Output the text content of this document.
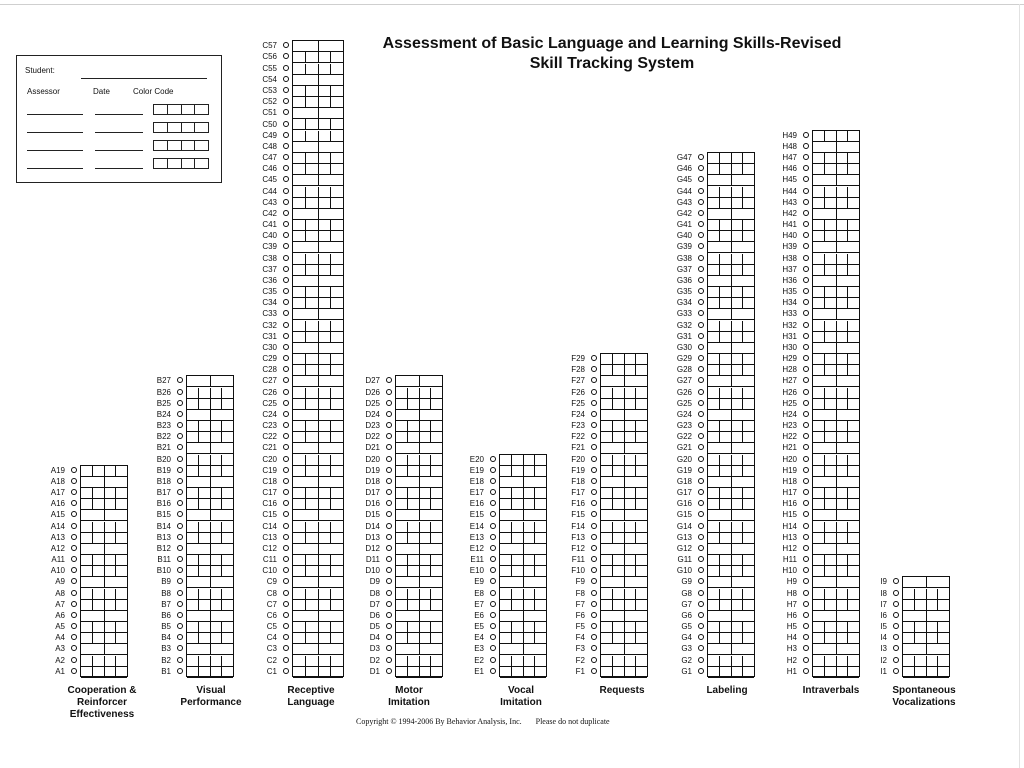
Assessment of Basic Language and Learning Skills-Revised
Skill Tracking System
Student:
Assessor	Date	Color Code
A19
A18
A17
A16
A15
A14
A13
A12
A11
A10
A9
A8
A7
A6
A5
A4
A3
A2
A1
Cooperation &
Reinforcer
Effectiveness
B27
B26
B25
B24
B23
B22
B21
B20
B19
B18
B17
B16
B15
B14
B13
B12
B11
B10
B9
B8
B7
B6
B5
B4
B3
B2
B1
Visual
Performance
C57
C56
C55
C54
C53
C52
C51
C50
C49
C48
C47
C46
C45
C44
C43
C42
C41
C40
C39
C38
C37
C36
C35
C34
C33
C32
C31
C30
C29
C28
C27
C26
C25
C24
C23
C22
C21
C20
C19
C18
C17
C16
C15
C14
C13
C12
C11
C10
C9
C8
C7
C6
C5
C4
C3
C2
C1
Receptive
Language
D27
D26
D25
D24
D23
D22
D21
D20
D19
D18
D17
D16
D15
D14
D13
D12
D11
D10
D9
D8
D7
D6
D5
D4
D3
D2
D1
Motor
Imitation
E20
E19
E18
E17
E16
E15
E14
E13
E12
E11
E10
E9
E8
E7
E6
E5
E4
E3
E2
E1
Vocal
Imitation
F29
F28
F27
F26
F25
F24
F23
F22
F21
F20
F19
F18
F17
F16
F15
F14
F13
F12
F11
F10
F9
F8
F7
F6
F5
F4
F3
F2
F1
Requests
G47
G46
G45
G44
G43
G42
G41
G40
G39
G38
G37
G36
G35
G34
G33
G32
G31
G30
G29
G28
G27
G26
G25
G24
G23
G22
G21
G20
G19
G18
G17
G16
G15
G14
G13
G12
G11
G10
G9
G8
G7
G6
G5
G4
G3
G2
G1
Labeling
H49
H48
H47
H46
H45
H44
H43
H42
H41
H40
H39
H38
H37
H36
H35
H34
H33
H32
H31
H30
H29
H28
H27
H26
H25
H24
H23
H22
H21
H20
H19
H18
H17
H16
H15
H14
H13
H12
H11
H10
H9
H8
H7
H6
H5
H4
H3
H2
H1
Intraverbals
I9
I8
I7
I6
I5
I4
I3
I2
I1
Spontaneous
Vocalizations
Copyright © 1994-2006 By Behavior Analysis, Inc. Please do not duplicate
